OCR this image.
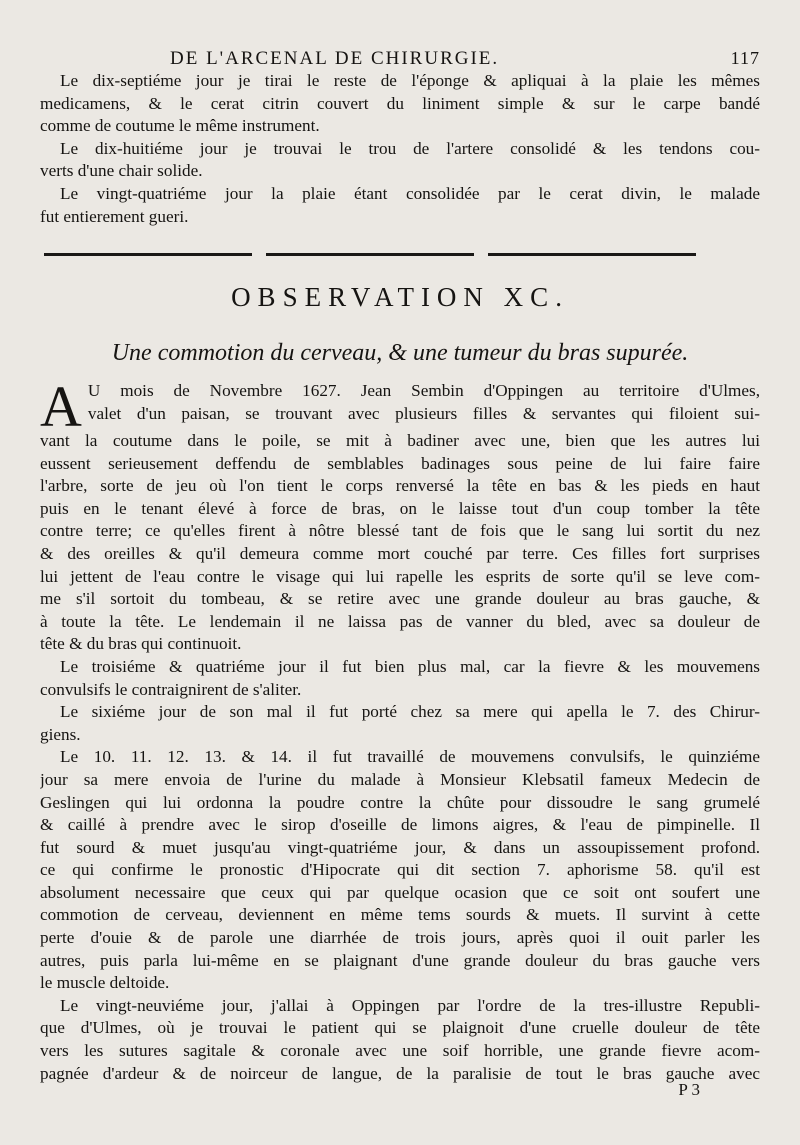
DE L'ARCENAL DE CHIRURGIE.	117
Le dix-septiéme jour je tirai le reste de l'éponge & apliquai à la plaie les mêmes
medicamens, & le cerat citrin couvert du liniment simple & sur le carpe bandé
comme de coutume le même instrument.
Le dix-huitiéme jour je trouvai le trou de l'artere consolidé & les tendons cou-
verts d'une chair solide.
Le vingt-quatriéme jour la plaie étant consolidée par le cerat divin, le malade
fut entierement gueri.
OBSERVATION XC.
Une commotion du cerveau, & une tumeur du bras supurée.
A U mois de Novembre 1627. Jean Sembin d'Oppingen au territoire d'Ulmes,
valet d'un paisan, se trouvant avec plusieurs filles & servantes qui filoient sui-
vant la coutume dans le poile, se mit à badiner avec une, bien que les autres lui
eussent serieusement deffendu de semblables badinages sous peine de lui faire faire
l'arbre, sorte de jeu où l'on tient le corps renversé la tête en bas & les pieds en haut
puis en le tenant élevé à force de bras, on le laisse tout d'un coup tomber la tête
contre terre; ce qu'elles firent à nôtre blessé tant de fois que le sang lui sortit du nez
& des oreilles & qu'il demeura comme mort couché par terre. Ces filles fort surprises
lui jettent de l'eau contre le visage qui lui rapelle les esprits de sorte qu'il se leve com-
me s'il sortoit du tombeau, & se retire avec une grande douleur au bras gauche, &
à toute la tête. Le lendemain il ne laissa pas de vanner du bled, avec sa douleur de
tête & du bras qui continuoit.
Le troisiéme & quatriéme jour il fut bien plus mal, car la fievre & les mouvemens
convulsifs le contraignirent de s'aliter.
Le sixiéme jour de son mal il fut porté chez sa mere qui apella le 7. des Chirur-
giens.
Le 10. 11. 12. 13. & 14. il fut travaillé de mouvemens convulsifs, le quinziéme
jour sa mere envoia de l'urine du malade à Monsieur Klebsatil fameux Medecin de
Geslingen qui lui ordonna la poudre contre la chûte pour dissoudre le sang grumelé
& caillé à prendre avec le sirop d'oseille de limons aigres, & l'eau de pimpinelle. Il
fut sourd & muet jusqu'au vingt-quatriéme jour, & dans un assoupissement profond.
ce qui confirme le pronostic d'Hipocrate qui dit section 7. aphorisme 58. qu'il est
absolument necessaire que ceux qui par quelque ocasion que ce soit ont soufert une
commotion de cerveau, deviennent en même tems sourds & muets. Il survint à cette
perte d'ouie & de parole une diarrhée de trois jours, après quoi il ouit parler les
autres, puis parla lui-même en se plaignant d'une grande douleur du bras gauche vers
le muscle deltoide.
Le vingt-neuviéme jour, j'allai à Oppingen par l'ordre de la tres-illustre Republi-
que d'Ulmes, où je trouvai le patient qui se plaignoit d'une cruelle douleur de tête
vers les sutures sagitale & coronale avec une soif horrible, une grande fievre acom-
pagnée d'ardeur & de noirceur de langue, de la paralisie de tout le bras gauche avec
P 3
